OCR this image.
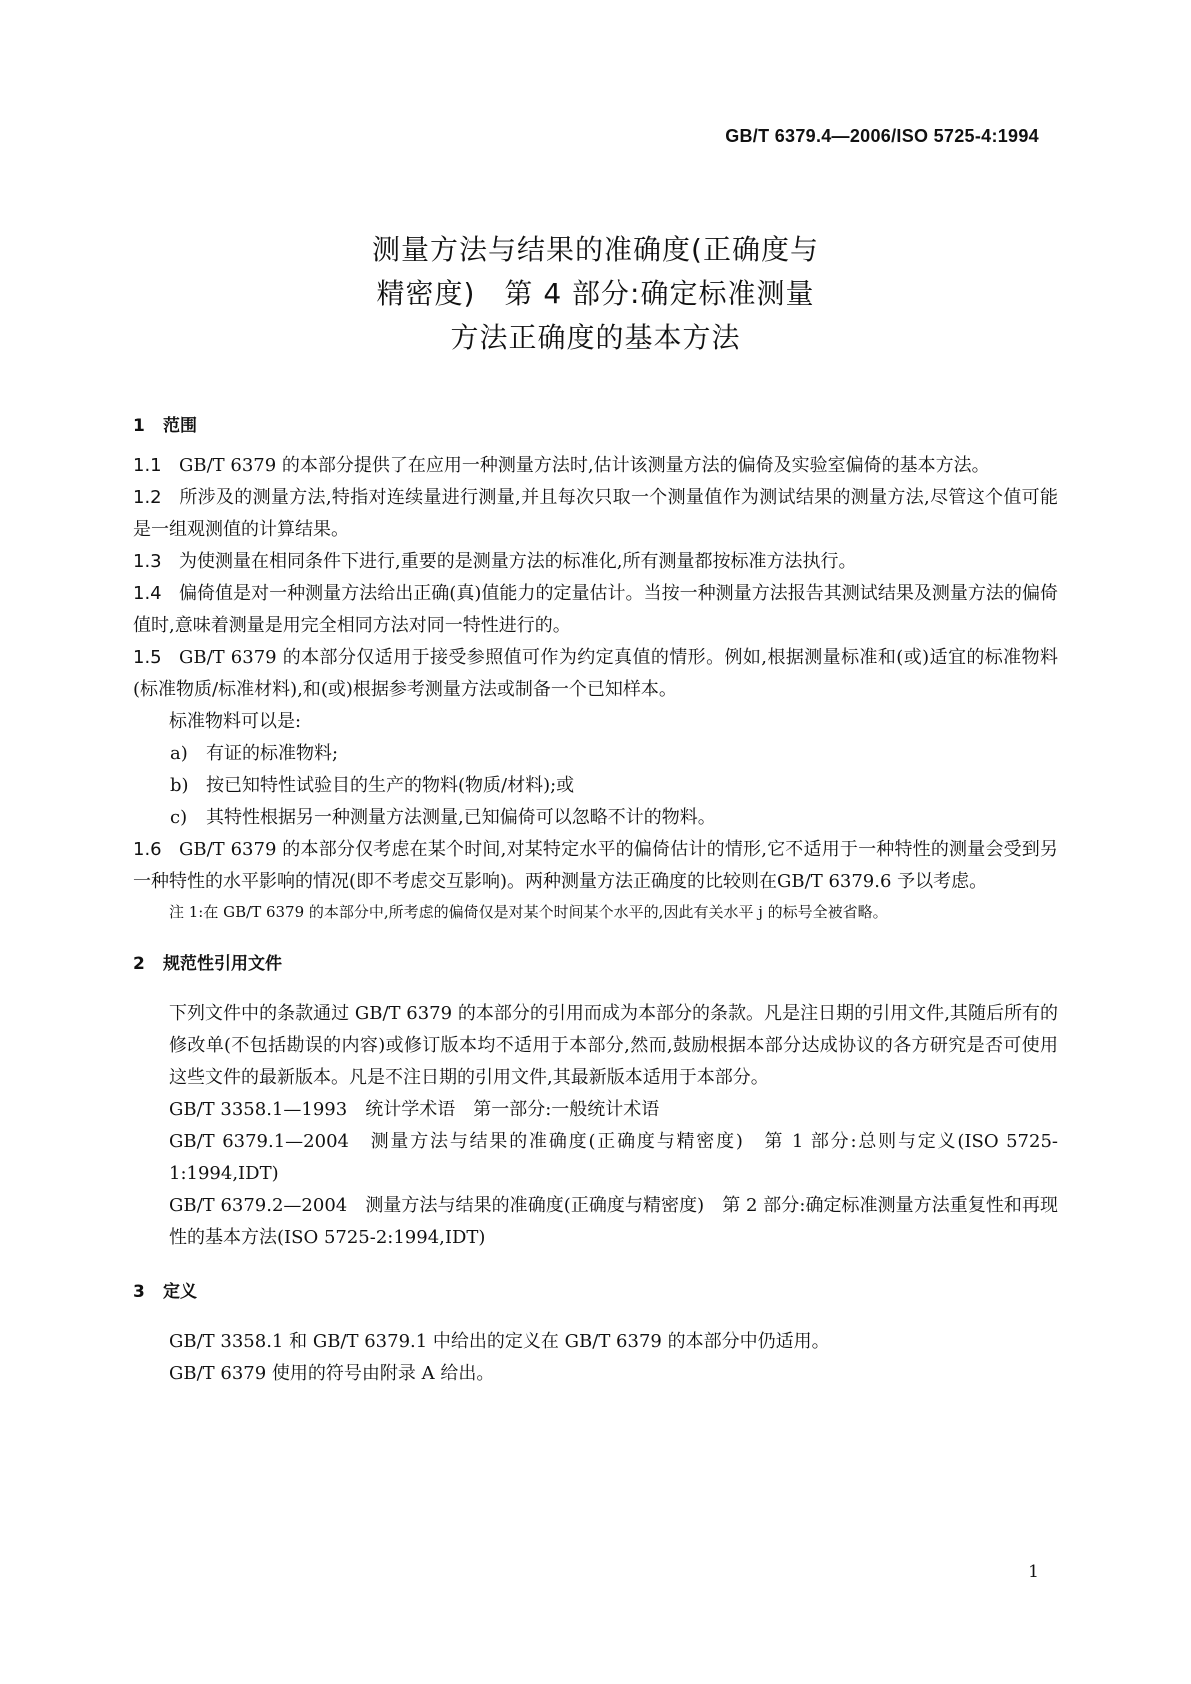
GB/T 6379.4—2006/ISO 5725-4:1994
测量方法与结果的准确度(正确度与
精密度)　第 4 部分:确定标准测量
方法正确度的基本方法
1 范围

1.1 GB/T 6379 的本部分提供了在应用一种测量方法时,估计该测量方法的偏倚及实验室偏倚的基本方法。

1.2 所涉及的测量方法,特指对连续量进行测量,并且每次只取一个测量值作为测试结果的测量方法,尽管这个值可能是一组观测值的计算结果。

1.3 为使测量在相同条件下进行,重要的是测量方法的标准化,所有测量都按标准方法执行。

1.4 偏倚值是对一种测量方法给出正确(真)值能力的定量估计。当按一种测量方法报告其测试结果及测量方法的偏倚值时,意味着测量是用完全相同方法对同一特性进行的。

1.5 GB/T 6379 的本部分仅适用于接受参照值可作为约定真值的情形。例如,根据测量标准和(或)适宜的标准物料(标准物质/标准材料),和(或)根据参考测量方法或制备一个已知样本。

标准物料可以是:

a) 有证的标准物料;

b) 按已知特性试验目的生产的物料(物质/材料);或

c) 其特性根据另一种测量方法测量,已知偏倚可以忽略不计的物料。

1.6 GB/T 6379 的本部分仅考虑在某个时间,对某特定水平的偏倚估计的情形,它不适用于一种特性的测量会受到另一种特性的水平影响的情况(即不考虑交互影响)。两种测量方法正确度的比较则在GB/T 6379.6 予以考虑。

注 1:在 GB/T 6379 的本部分中,所考虑的偏倚仅是对某个时间某个水平的,因此有关水平 j 的标号全被省略。

2 规范性引用文件

下列文件中的条款通过 GB/T 6379 的本部分的引用而成为本部分的条款。凡是注日期的引用文件,其随后所有的修改单(不包括勘误的内容)或修订版本均不适用于本部分,然而,鼓励根据本部分达成协议的各方研究是否可使用这些文件的最新版本。凡是不注日期的引用文件,其最新版本适用于本部分。

GB/T 3358.1—1993　统计学术语　第一部分:一般统计术语

GB/T 6379.1—2004　测量方法与结果的准确度(正确度与精密度)　第 1 部分:总则与定义(ISO 5725-1:1994,IDT)

GB/T 6379.2—2004　测量方法与结果的准确度(正确度与精密度)　第 2 部分:确定标准测量方法重复性和再现性的基本方法(ISO 5725-2:1994,IDT)

3 定义

GB/T 3358.1 和 GB/T 6379.1 中给出的定义在 GB/T 6379 的本部分中仍适用。

GB/T 6379 使用的符号由附录 A 给出。

1
